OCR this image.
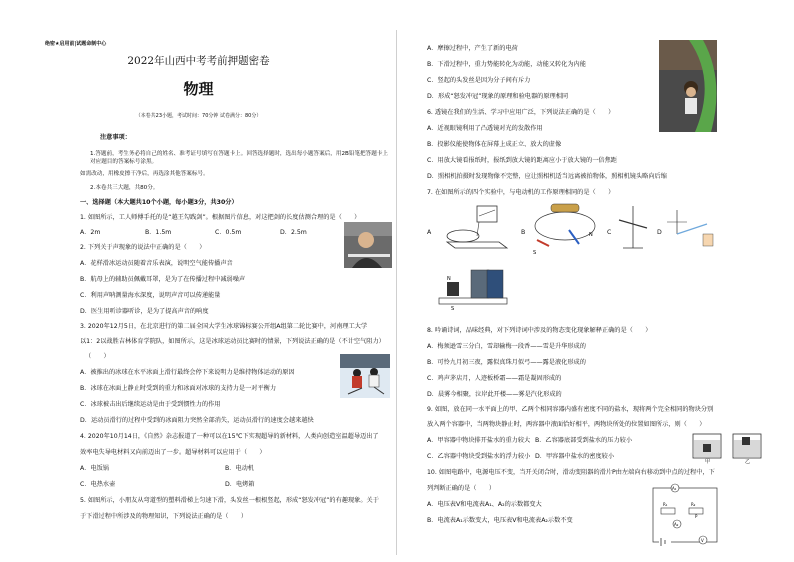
绝密★启用前|试题命制中心
2022年山西中考考前押题密卷
物理
（本卷共23小题，考试时间：70分钟 试卷满分：80分）
注意事项：
1.答题前，考生务必将自己的姓名、准考证号填写在答题卡上。回答选择题时，选出每小题答案后，用2B铅笔把答题卡上对应题目的答案标号涂黑。
如需改动，用橡皮擦干净后，再选涂其他答案标号。
2.本卷共三大题，共80分。
一、选择题（本大题共10个小题，每小题3分，共30分）
1. 如图所示，工人师傅手托的是“越王勾践剑”。根据图片信息，对这把剑的长度估测合理的是（　　）
A．2m	B．1.5m	C．0.5m	D．2.5m
2. 下列关于声现象的说法中正确的是（　　）
A．花样滑冰运动员随着音乐表演，说明空气能传播声音
B．航母上的辅助员佩戴耳罩，是为了在传播过程中减弱噪声
C．利用声呐测量海水深度，说明声音可以传递能量
D．医生用听诊器听诊，是为了提高声音的响度
3. 2020年12月5日，在北京进行的第二届全国大学生冰球锦标赛公开组A组第二轮比赛中，河南理工大学
以1：2以战胜吉林体育学院队，如图所示，这是冰球运动员比赛时的情景，下列说法正确的是（不计空气阻力）
（　　）
A．被推出的冰球在水平冰面上滑行最终会停下来说明力是维持物体运动的原因
B．冰球在冰面上静止时受到的重力和冰面对冰球的支持力是一对平衡力
C．冰球被击出后继续运动是由于受到惯性力的作用
D．运动员滑行的过程中受到的冰面阻力突然全部消失，运动员滑行的速度会越来越快
4. 2020年10月14日，《自然》杂志报道了一种可以在15℃下实现超导的新材料，人类向创造室温超导迈出了
效率电失导电材料又向前迈出了一步。超导材料可以应用于（　　）
A．电饭锅	B．电动机
C．电热水壶	D．电烤箱
5. 如图所示，小朋友从弯道型的塑料滑梯上匀速下滑，头发丝一根根竖起，形成“怒发冲冠”的有趣现象。关于
于下滑过程中所涉及的物理知识，下列说法正确的是（　　）
A．摩擦过程中，产生了新的电荷
B．下滑过程中，重力势能转化为动能，动能又转化为内能
C．竖起的头发丝是因为分子间有斥力
D．形成“怒发冲冠”现象的原理和验电器的原理相同
6. 透镜在我们的生活、学习中应用广泛，下列说法正确的是（　　）
A．近视眼镜利用了凸透镜对光的发散作用
B．投影仪能使物体在屏幕上成正立、放大的虚像
C．用放大镜看报纸时，报纸到放大镜的距离应小于放大镜的一倍焦距
D．照相机拍摄时发现物像不完整，应让照相机适当远离被拍物体，照相机镜头略向后缩
7. 在如图所示的四个实验中，与电动机的工作原理相同的是（　　）
A	B
S
N C	D
N
S
8. 吟诵诗词，品味经典，对下列诗词中涉及的物态变化现象解释正确的是（　　）
A．梅须逊雪三分白，雪却输梅一段香——雪是升华形成的
B．可怜九月初三夜，露似真珠月似弓——露是液化形成的
C．鸡声茅店月，人迹板桥霜——霜是凝固形成的
D．晨雾今相聚，泣岸此开楼——雾是汽化形成的
9. 如图，放在同一水平面上的甲、乙两个相同容器内盛有密度不同的盐水，现将两个完全相同的物块分别
放入两个容器中，当两物块静止时，两容器中液面恰好相平，两物块所处的位置如图所示，则（　　）
A．甲容器中物块排开盐水的重力较大 B．乙容器底部受到盐水的压力较小
C．乙容器中物块受到盐水的浮力较小 D．甲容器中盐水的密度较小
甲	乙
10. 如图电路中，电源电压不变，当开关闭合时，滑动变阻器的滑片P由左端向右移动到中点的过程中，下
列判断正确的是（　　）
A．电压表V和电流表A₁、A₂的示数都变大
B．电流表A₁示数变大，电压表V和电流表A₂示数不变
A₁
R₁	R₂
A₂
V
P
